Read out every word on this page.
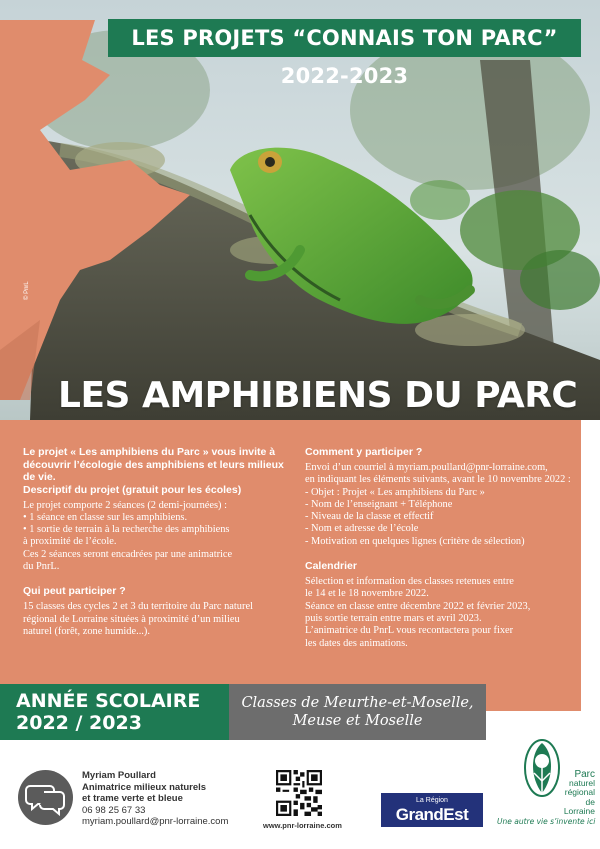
LES PROJETS “CONNAIS TON PARC” 2022-2023
© PnrL
LES AMPHIBIENS DU PARC

Le projet « Les amphibiens du Parc » vous invite à découvrir l’écologie des amphibiens et leurs milieux de vie.

Descriptif du projet (gratuit pour les écoles)

Le projet comporte 2 séances (2 demi-journées) :

• 1 séance en classe sur les amphibiens.

• 1 sortie de terrain à la recherche des amphibiens

à proximité de l’école.

Ces 2 séances seront encadrées par une animatrice

du PnrL.

Qui peut participer ?

15 classes des cycles 2 et 3 du territoire du Parc naturel

régional de Lorraine situées à proximité d’un milieu

naturel (forêt, zone humide...).

Comment y participer ?

Envoi d’un courriel à myriam.poullard@pnr-lorraine.com,

en indiquant les éléments suivants, avant le 10 novembre 2022 :

- Objet : Projet « Les amphibiens du Parc »

- Nom de l’enseignant + Téléphone

- Niveau de la classe et effectif

- Nom et adresse de l’école

- Motivation en quelques lignes (critère de sélection)

Calendrier

Sélection et information des classes retenues entre

le 14 et le 18 novembre 2022.

Séance en classe entre décembre 2022 et février 2023,

puis sortie terrain entre mars et avril 2023.

L’animatrice du PnrL vous recontactera pour fixer

les dates des animations.

ANNÉE SCOLAIRE
2022 / 2023
Classes de Meurthe-et-Moselle,
Meuse et Moselle
Myriam Poullard
Animatrice milieux naturels
et trame verte et bleue
06 98 25 67 33
myriam.poullard@pnr-lorraine.com	www.pnr-lorraine.com
La Région
GrandEst
Parc
naturel
régional
de Lorraine
Une autre vie s’invente ici
